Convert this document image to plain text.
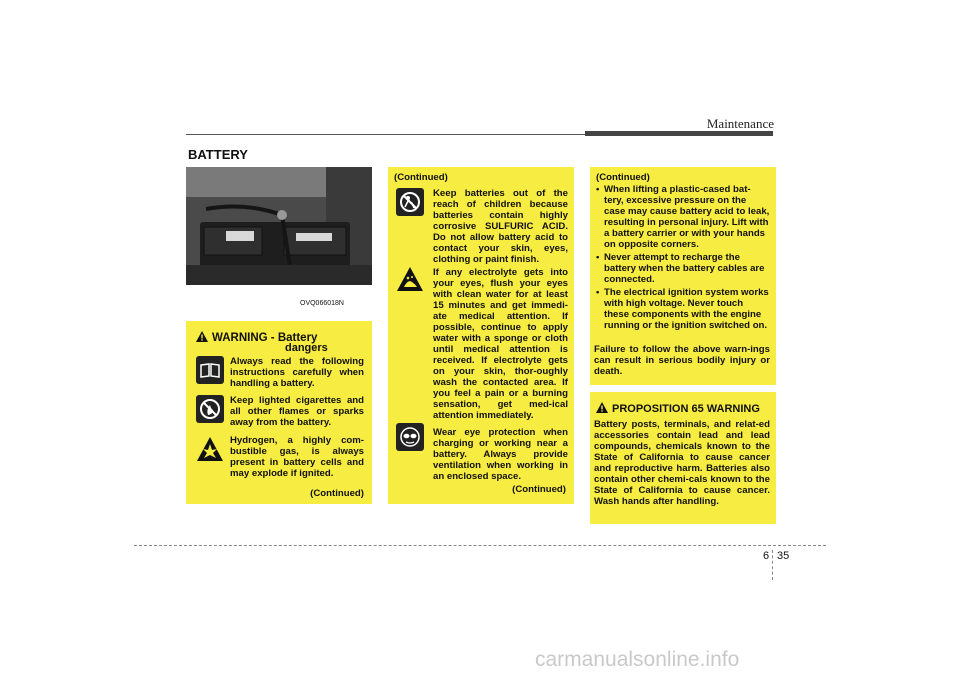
Maintenance
BATTERY
OVQ066018N
WARNING - Battery
dangers
Always read the following instructions carefully when handling a battery.
Keep lighted cigarettes and all other flames or sparks away from the battery.
Hydrogen, a highly com-bustible gas, is always present in battery cells and may explode if ignited.
(Continued)
(Continued)
Keep batteries out of the reach of children because batteries contain highly corrosive SULFURIC ACID. Do not allow battery acid to contact your skin, eyes, clothing or paint finish.
If any electrolyte gets into your eyes, flush your eyes with clean water for at least 15 minutes and get immedi-ate medical attention. If possible, continue to apply water with a sponge or cloth until medical attention is received. If electrolyte gets on your skin, thor-oughly wash the contacted area. If you feel a pain or a burning sensation, get med-ical attention immediately.
Wear eye protection when charging or working near a battery. Always provide ventilation when working in an enclosed space.
(Continued)
(Continued)
• When lifting a plastic-cased bat-tery, excessive pressure on the case may cause battery acid to leak, resulting in personal injury. Lift with a battery carrier or with your hands on opposite corners.
• Never attempt to recharge the battery when the battery cables are connected.
• The electrical ignition system works with high voltage. Never touch these components with the engine running or the ignition switched on.
Failure to follow the above warn-ings can result in serious bodily injury or death.
PROPOSITION 65 WARNING
Battery posts, terminals, and relat-ed accessories contain lead and lead compounds, chemicals known to the State of California to cause cancer and reproductive harm. Batteries also contain other chemi-cals known to the State of California to cause cancer. Wash hands after handling.
6 35
carmanualsonline.info
